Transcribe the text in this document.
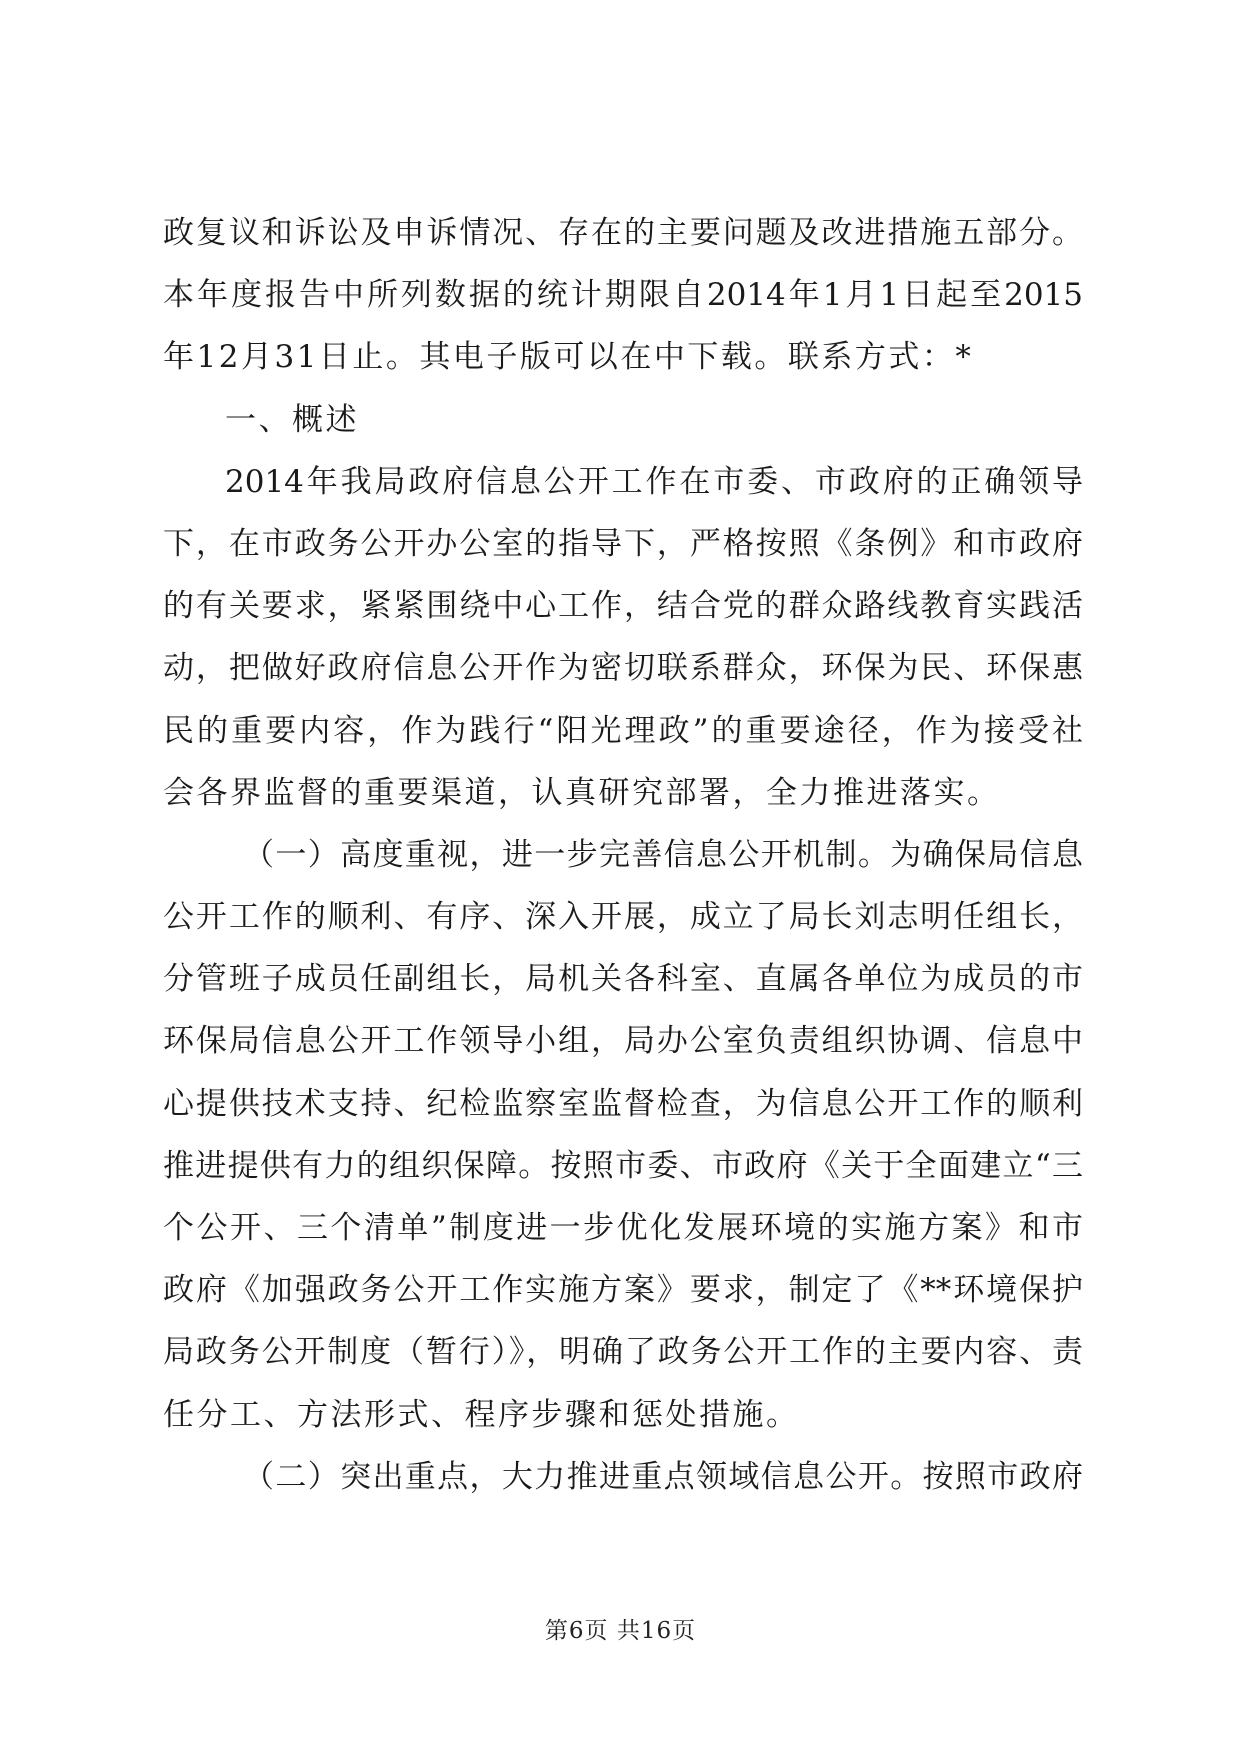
政复议和诉讼及申诉情况、存在的主要问题及改进措施五部分。
本年度报告中所列数据的统计期限自2014年1月1日起至2015
年12月31日止。其电子版可以在中下载。联系方式：*
一、概述
2014年我局政府信息公开工作在市委、市政府的正确领导
下，在市政务公开办公室的指导下，严格按照《条例》和市政府
的有关要求，紧紧围绕中心工作，结合党的群众路线教育实践活
动，把做好政府信息公开作为密切联系群众，环保为民、环保惠
民的重要内容，作为践行“阳光理政”的重要途径，作为接受社
会各界监督的重要渠道，认真研究部署，全力推进落实。
（一）高度重视，进一步完善信息公开机制。为确保局信息
公开工作的顺利、有序、深入开展，成立了局长刘志明任组长，
分管班子成员任副组长，局机关各科室、直属各单位为成员的市
环保局信息公开工作领导小组，局办公室负责组织协调、信息中
心提供技术支持、纪检监察室监督检查，为信息公开工作的顺利
推进提供有力的组织保障。按照市委、市政府《关于全面建立“三
个公开、三个清单”制度进一步优化发展环境的实施方案》和市
政府《加强政务公开工作实施方案》要求，制定了《**环境保护
局政务公开制度（暂行）》，明确了政务公开工作的主要内容、责
任分工、方法形式、程序步骤和惩处措施。
（二）突出重点，大力推进重点领域信息公开。按照市政府
第6页 共16页
